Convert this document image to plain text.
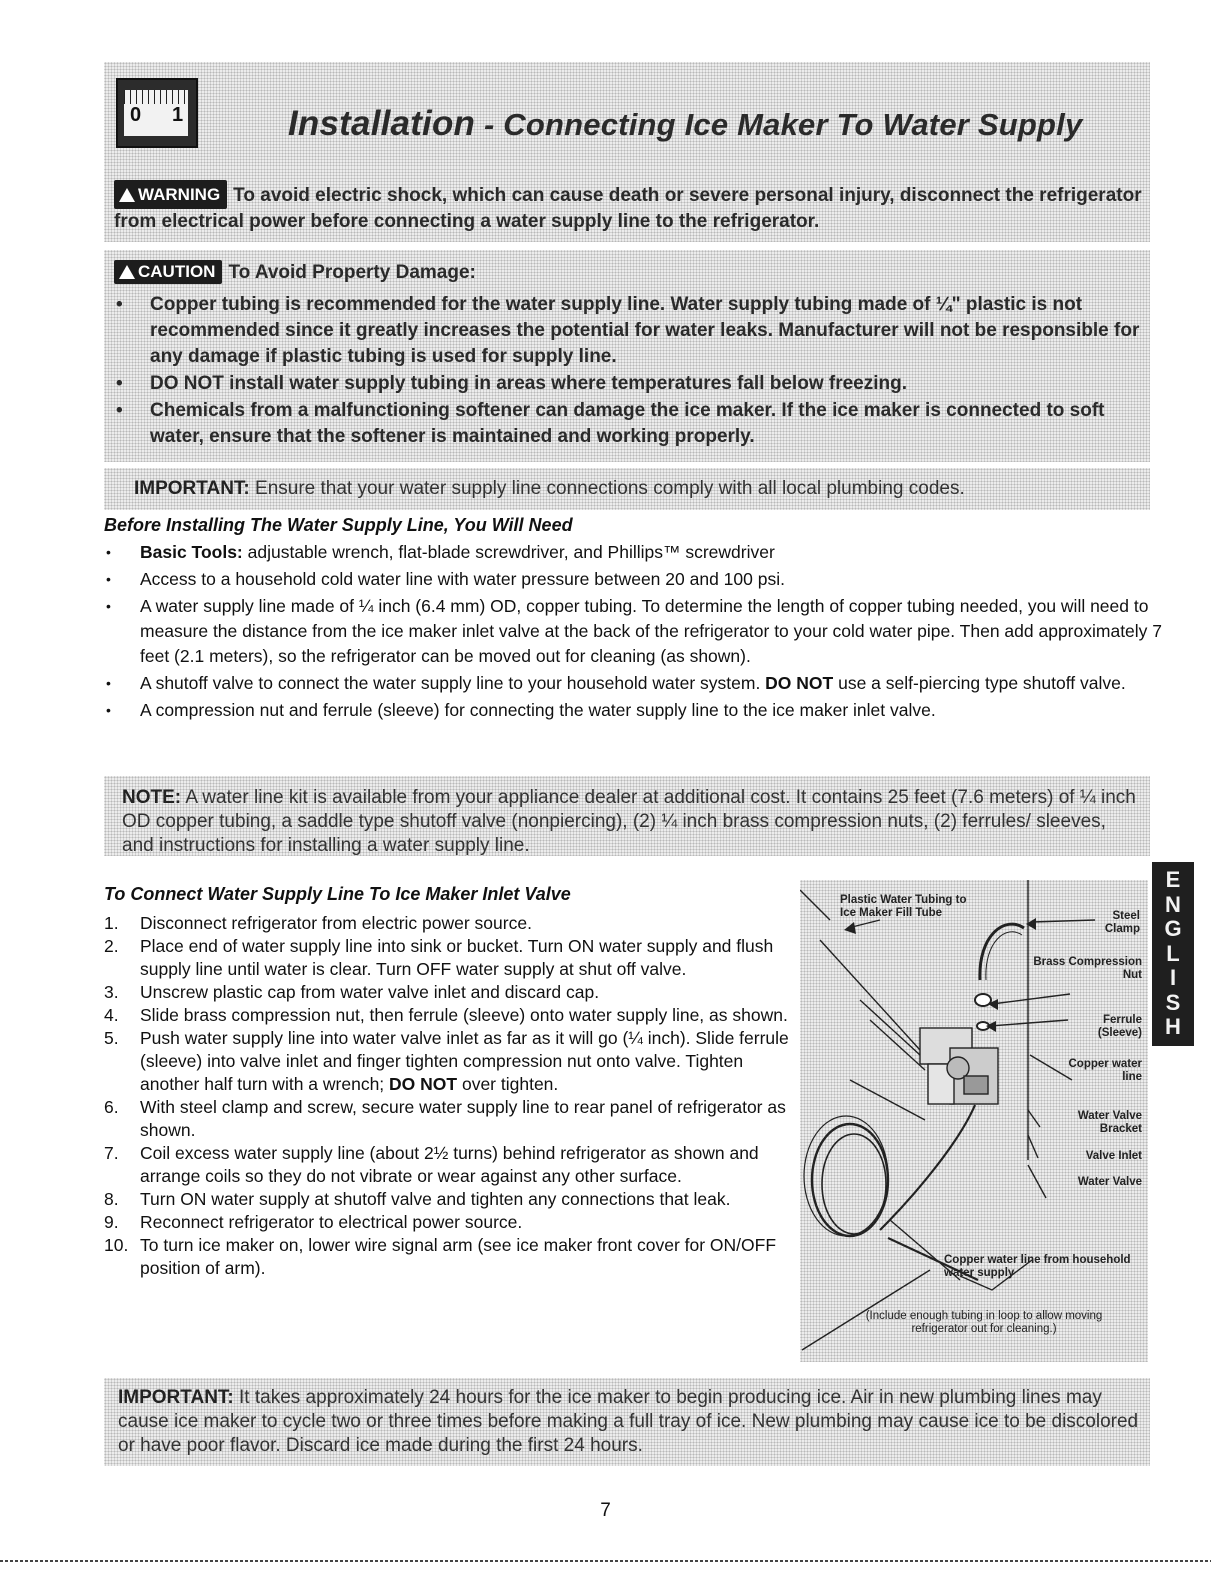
0 1	Installation - Connecting Ice Maker To Water Supply
WARNING To avoid electric shock, which can cause death or severe personal injury, disconnect the refrigerator from electrical power before connecting a water supply line to the refrigerator.
CAUTION To Avoid Property Damage:
• Copper tubing is recommended for the water supply line. Water supply tubing made of ¼" plastic is not recommended since it greatly increases the potential for water leaks. Manufacturer will not be responsible for any damage if plastic tubing is used for supply line.
• DO NOT install water supply tubing in areas where temperatures fall below freezing.
• Chemicals from a malfunctioning softener can damage the ice maker. If the ice maker is connected to soft water, ensure that the softener is maintained and working properly.

IMPORTANT: Ensure that your water supply line connections comply with all local plumbing codes.

Before Installing The Water Supply Line, You Will Need
• Basic Tools: adjustable wrench, flat-blade screwdriver, and Phillips™ screwdriver
• Access to a household cold water line with water pressure between 20 and 100 psi.
• A water supply line made of ¼ inch (6.4 mm) OD, copper tubing. To determine the length of copper tubing needed, you will need to measure the distance from the ice maker inlet valve at the back of the refrigerator to your cold water pipe. Then add approximately 7 feet (2.1 meters), so the refrigerator can be moved out for cleaning (as shown).
• A shutoff valve to connect the water supply line to your household water system. DO NOT use a self-piercing type shutoff valve.
• A compression nut and ferrule (sleeve) for connecting the water supply line to the ice maker inlet valve.
NOTE: A water line kit is available from your appliance dealer at additional cost. It contains 25 feet (7.6 meters) of ¼ inch OD copper tubing, a saddle type shutoff valve (nonpiercing), (2) ¼ inch brass compression nuts, (2) ferrules/ sleeves, and instructions for installing a water supply line.
To Connect Water Supply Line To Ice Maker Inlet Valve
1.	Disconnect refrigerator from electric power source.
2.	Place end of water supply line into sink or bucket. Turn ON water supply and flush supply line until water is clear. Turn OFF water supply at shut off valve.
3.	Unscrew plastic cap from water valve inlet and discard cap.
4.	Slide brass compression nut, then ferrule (sleeve) onto water supply line, as shown.
5.	Push water supply line into water valve inlet as far as it will go (¼ inch). Slide ferrule (sleeve) into valve inlet and finger tighten compression nut onto valve. Tighten another half turn with a wrench; DO NOT over tighten.
6.	With steel clamp and screw, secure water supply line to rear panel of refrigerator as shown.
7.	Coil excess water supply line (about 2½ turns) behind refrigerator as shown and arrange coils so they do not vibrate or wear against any other surface.
8.	Turn ON water supply at shutoff valve and tighten any connections that leak.
9.	Reconnect refrigerator to electrical power source.
10. To turn ice maker on, lower wire signal arm (see ice maker front cover for ON/OFF position of arm).
Plastic Water Tubing to Ice Maker Fill Tube	Steel Clamp
Brass Compression Nut
Ferrule (Sleeve)
Copper water line
Water Valve Bracket
Valve Inlet
Water Valve
Copper water line from household water supply
(Include enough tubing in loop to allow moving refrigerator out for cleaning.)
E
N
G
L
I
S
H
IMPORTANT: It takes approximately 24 hours for the ice maker to begin producing ice. Air in new plumbing lines may cause ice maker to cycle two or three times before making a full tray of ice. New plumbing may cause ice to be discolored or have poor flavor. Discard ice made during the first 24 hours.
7
